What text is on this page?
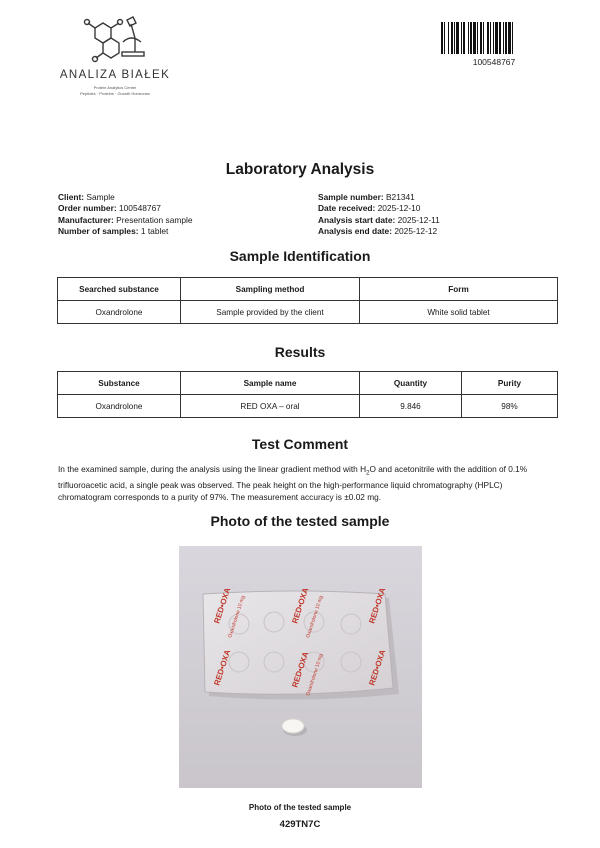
ANALIZA BIAŁEK
Protein Analytics Center
Peptides · Proteins · Growth Hormones
100548767
Laboratory Analysis
Client: Sample
Order number: 100548767
Manufacturer: Presentation sample
Number of samples: 1 tablet
Sample number: B21341
Date received: 2025-12-10
Analysis start date: 2025-12-11
Analysis end date: 2025-12-12
Sample Identification
Searched substance	Sampling method	Form
Oxandrolone	Sample provided by the client	White solid tablet
Results
Substance	Sample name	Quantity	Purity
Oxandrolone	RED OXA – oral	9.846	98%
Test Comment
In the examined sample, during the analysis using the linear gradient method with $H_2O$ and acetonitrile with the addition of 0.1% trifluoroacetic acid, a single peak was observed. The peak height on the high-performance liquid chromatography (HPLC) chromatogram corresponds to a purity of 97%. The measurement accuracy is ±0.02 mg.
Photo of the tested sample
RED•OXA	RED•OXA	RED•OXA
RED•OXA	RED•OXA	RED•OXA
Oxandrolone 10 mg	Oxandrolone 10 mg
Oxandrolone 10 mg
Photo of the tested sample
429TN7C
